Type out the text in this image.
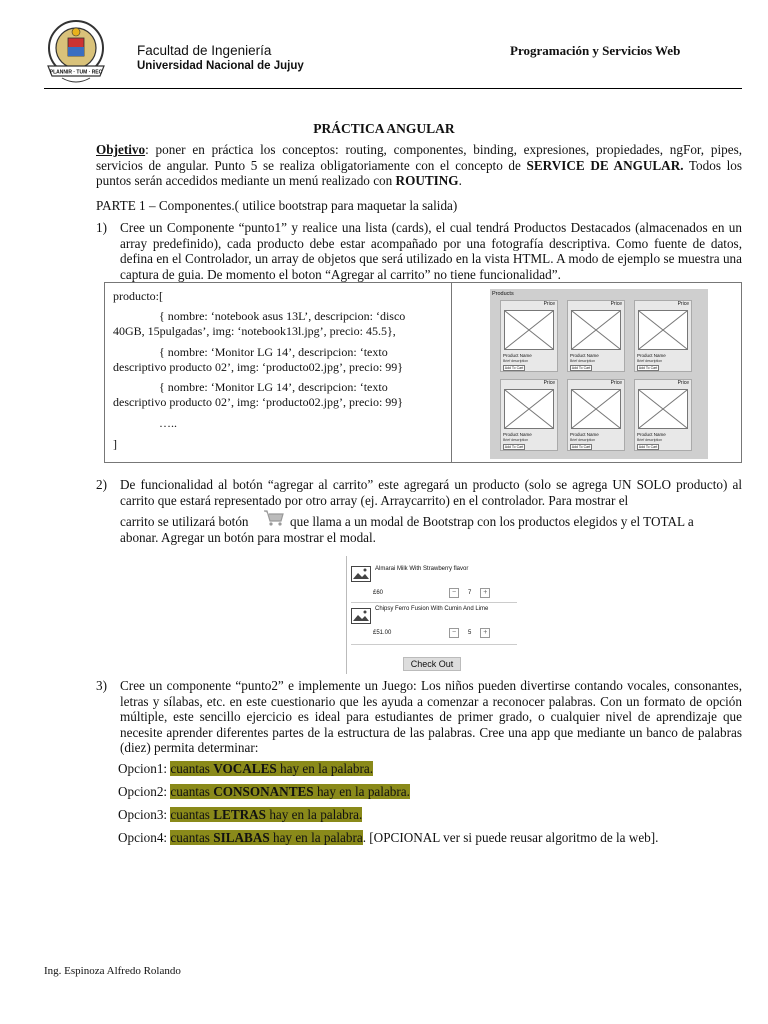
PLANNIR · TUM · REC
Facultad de Ingeniería
Universidad Nacional de Jujuy
Programación y Servicios Web
PRÁCTICA ANGULAR
Objetivo: poner en práctica los conceptos: routing, componentes, binding, expresiones, propiedades, ngFor, pipes, servicios de angular. Punto 5 se realiza obligatoriamente con el concepto de SERVICE DE ANGULAR. Todos los puntos serán accedidos mediante un menú realizado con ROUTING.
PARTE 1 – Componentes.( utilice bootstrap para maquetar la salida)
1) Cree un Componente “punto1” y realice una lista (cards), el cual tendrá Productos Destacados (almacenados en un array predefinido), cada producto debe estar acompañado por una fotografía descriptiva. Como fuente de datos, defina en el Controlador, un array de objetos que será utilizado en la vista HTML. A modo de ejemplo se muestra una captura de guia. De momento el boton “Agregar al carrito” no tiene funcionalidad”.
producto:[
{ nombre: ‘notebook asus 13L’, descripcion: ‘disco
40GB, 15pulgadas’, img: ‘notebook13l.jpg’, precio: 45.5},
{ nombre: ‘Monitor LG 14’, descripcion: ‘texto
descriptivo producto 02’, img: ‘producto02.jpg’, precio: 99}
{ nombre: ‘Monitor LG 14’, descripcion: ‘texto
descriptivo producto 02’, img: ‘producto02.jpg’, precio: 99}
…..
]
Products
Price
Product Name
Brief description
Add To Cart
Price
Product Name
Brief description
Add To Cart
Price
Product Name
Brief description
Add To Cart
Price
Product Name
Brief description
Add To Cart
Price
Product Name
Brief description
Add To Cart
Price
Product Name
Brief description
Add To Cart
2) De funcionalidad al botón “agregar al carrito” este agregará un producto (solo se agrega UN SOLO producto) al carrito que estará representado por otro array (ej. Arraycarrito) en el controlador. Para mostrar el
carrito se utilizará botón	que llama a un modal de Bootstrap con los productos elegidos y el TOTAL a
abonar. Agregar un botón para mostrar el modal.
Almarai Milk With Strawberry flavor
£60	− 7 +
Chipsy Ferro Fusion With Cumin And Lime
£51.00	− 5 +
Check Out
3) Cree un componente “punto2” e implemente un Juego: Los niños pueden divertirse contando vocales, consonantes, letras y sílabas, etc. en este cuestionario que les ayuda a comenzar a reconocer palabras. Con un formato de opción múltiple, este sencillo ejercicio es ideal para estudiantes de primer grado, o cualquier nivel de aprendizaje que necesite aprender diferentes partes de la estructura de las palabras. Cree una app que mediante un banco de palabras (diez) permita determinar:
Opcion1: cuantas VOCALES hay en la palabra.
Opcion2: cuantas CONSONANTES hay en la palabra.
Opcion3: cuantas LETRAS hay en la palabra.
Opcion4: cuantas SILABAS hay en la palabra. [OPCIONAL ver si puede reusar algoritmo de la web].
Ing. Espinoza Alfredo Rolando
